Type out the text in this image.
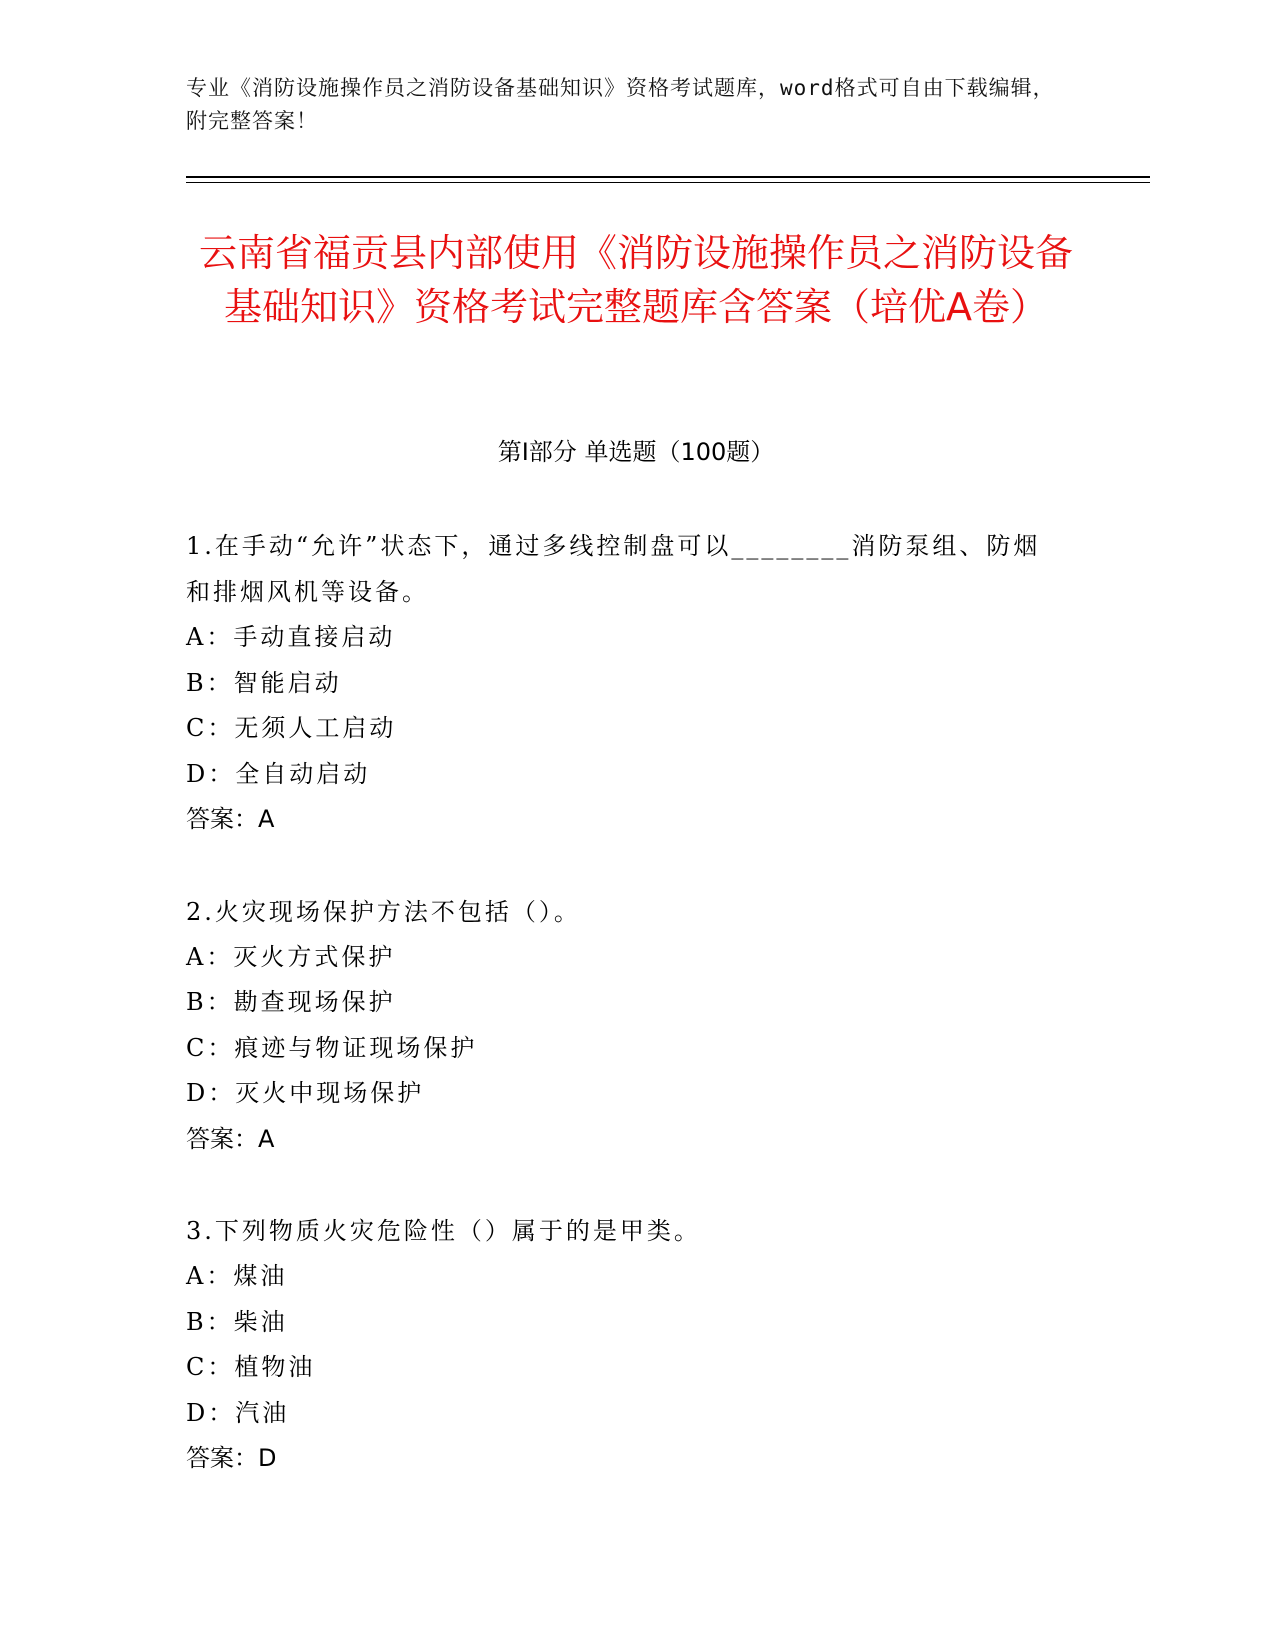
专业《消防设施操作员之消防设备基础知识》资格考试题库，word格式可自由下载编辑，附完整答案！
云南省福贡县内部使用《消防设施操作员之消防设备基础知识》资格考试完整题库含答案（培优A卷）
第I部分 单选题（100题）

1.在手动“允许”状态下，通过多线控制盘可以________消防泵组、防烟和排烟风机等设备。

A：手动直接启动

B：智能启动

C：无须人工启动

D：全自动启动

答案：A

2.火灾现场保护方法不包括（）。

A：灭火方式保护

B：勘查现场保护

C：痕迹与物证现场保护

D：灭火中现场保护

答案：A

3.下列物质火灾危险性（）属于的是甲类。

A：煤油

B：柴油

C：植物油

D：汽油

答案：D
